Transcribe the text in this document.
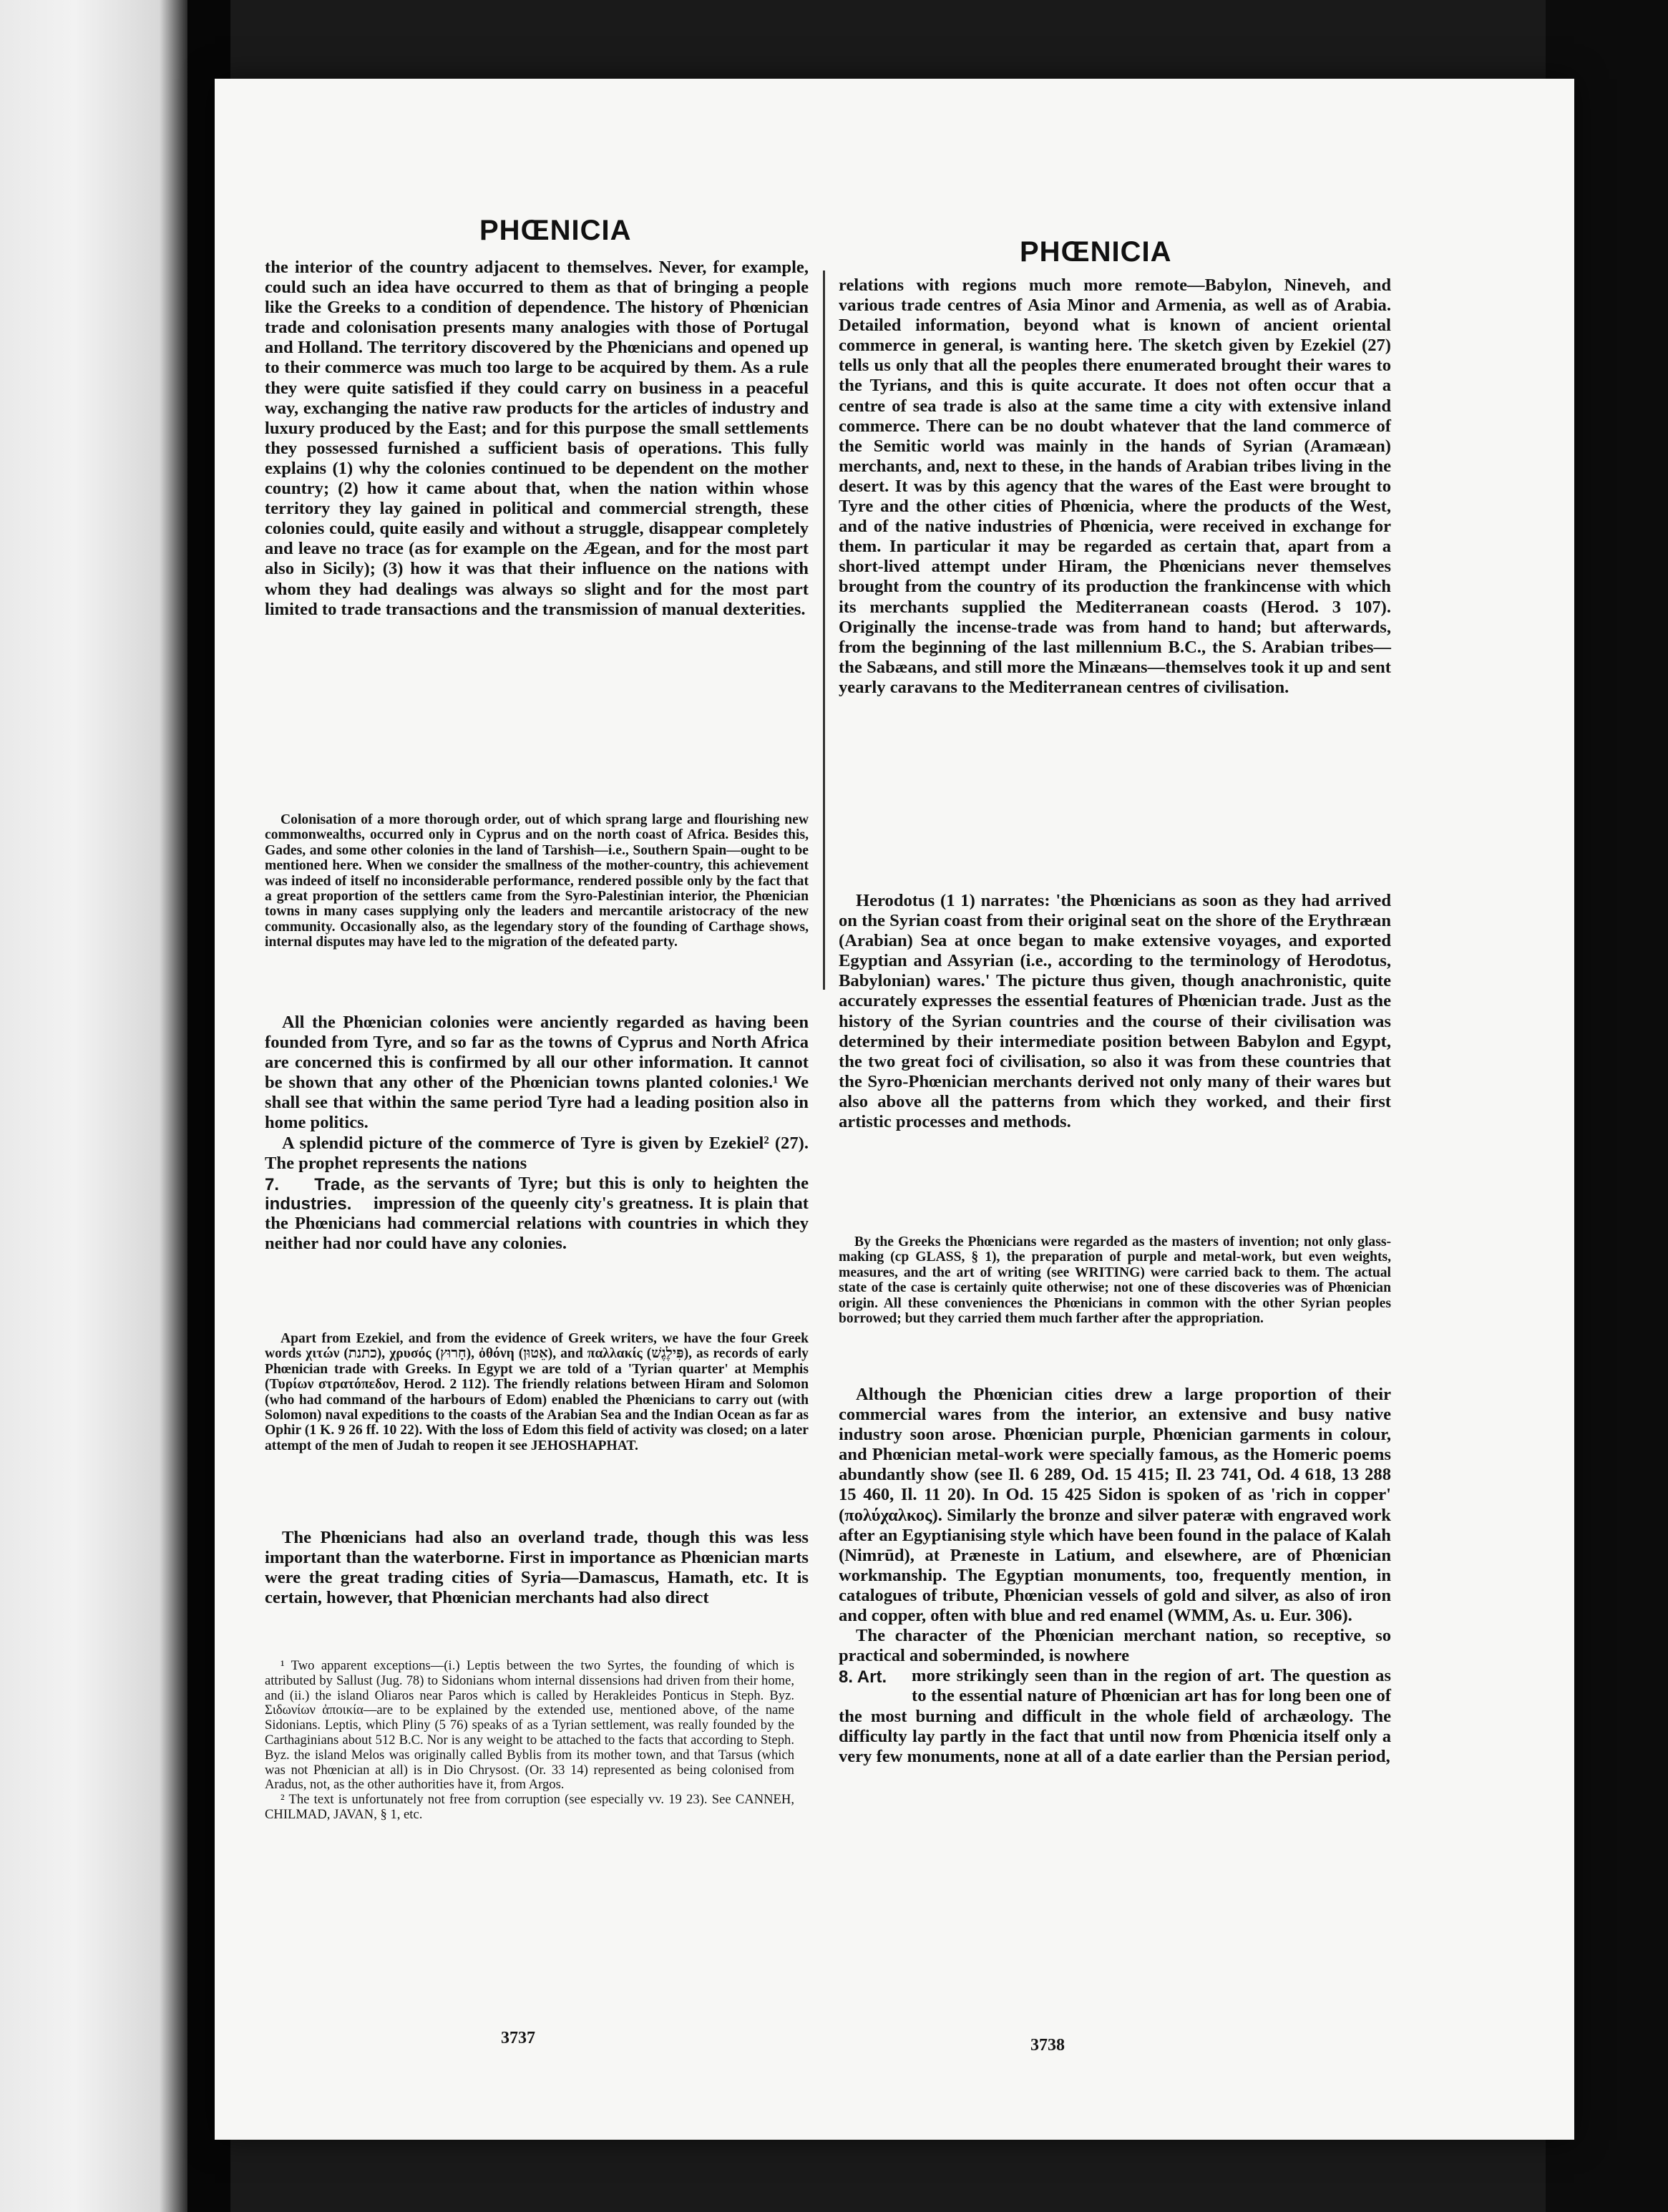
PHŒNICIA
PHŒNICIA

the interior of the country adjacent to themselves. Never, for example, could such an idea have occurred to them as that of bringing a people like the Greeks to a condition of dependence. The history of Phœnician trade and colonisation presents many analogies with those of Portugal and Holland. The territory discovered by the Phœnicians and opened up to their commerce was much too large to be acquired by them. As a rule they were quite satisfied if they could carry on business in a peaceful way, exchanging the native raw products for the articles of industry and luxury produced by the East; and for this purpose the small settlements they possessed furnished a sufficient basis of operations. This fully explains (1) why the colonies continued to be dependent on the mother country; (2) how it came about that, when the nation within whose territory they lay gained in political and commercial strength, these colonies could, quite easily and without a struggle, disappear completely and leave no trace (as for example on the Ægean, and for the most part also in Sicily); (3) how it was that their influence on the nations with whom they had dealings was always so slight and for the most part limited to trade transactions and the transmission of manual dexterities.

Colonisation of a more thorough order, out of which sprang large and flourishing new commonwealths, occurred only in Cyprus and on the north coast of Africa. Besides this, Gades, and some other colonies in the land of Tarshish—i.e., Southern Spain—ought to be mentioned here. When we consider the smallness of the mother-country, this achievement was indeed of itself no inconsiderable performance, rendered possible only by the fact that a great proportion of the settlers came from the Syro-Palestinian interior, the Phœnician towns in many cases supplying only the leaders and mercantile aristocracy of the new community. Occasionally also, as the legendary story of the founding of Carthage shows, internal disputes may have led to the migration of the defeated party.

All the Phœnician colonies were anciently regarded as having been founded from Tyre, and so far as the towns of Cyprus and North Africa are concerned this is confirmed by all our other information. It cannot be shown that any other of the Phœnician towns planted colonies.¹ We shall see that within the same period Tyre had a leading position also in home politics.

A splendid picture of the commerce of Tyre is given by Ezekiel² (27). The prophet represents the nations

7. Trade, industries.

as the servants of Tyre; but this is only to heighten the impression of the queenly city's greatness. It is plain that the Phœnicians had commercial relations with countries in which they neither had nor could have any colonies.

Apart from Ezekiel, and from the evidence of Greek writers, we have the four Greek words χιτών (כתנת), χρυσός (חָרוּץ), ὀθόνη (אֵטוּן), and παλλακίς (פִּילֶגֶשׁ), as records of early Phœnician trade with Greeks. In Egypt we are told of a 'Tyrian quarter' at Memphis (Τυρίων στρατόπεδον, Herod. 2 112). The friendly relations between Hiram and Solomon (who had command of the harbours of Edom) enabled the Phœnicians to carry out (with Solomon) naval expeditions to the coasts of the Arabian Sea and the Indian Ocean as far as Ophir (1 K. 9 26 ff. 10 22). With the loss of Edom this field of activity was closed; on a later attempt of the men of Judah to reopen it see JEHOSHAPHAT.

The Phœnicians had also an overland trade, though this was less important than the waterborne. First in importance as Phœnician marts were the great trading cities of Syria—Damascus, Hamath, etc. It is certain, however, that Phœnician merchants had also direct

¹ Two apparent exceptions—(i.) Leptis between the two Syrtes, the founding of which is attributed by Sallust (Jug. 78) to Sidonians whom internal dissensions had driven from their home, and (ii.) the island Oliaros near Paros which is called by Herakleides Ponticus in Steph. Byz. Σιδωνίων ἀποικία—are to be explained by the extended use, mentioned above, of the name Sidonians. Leptis, which Pliny (5 76) speaks of as a Tyrian settlement, was really founded by the Carthaginians about 512 B.C. Nor is any weight to be attached to the facts that according to Steph. Byz. the island Melos was originally called Byblis from its mother town, and that Tarsus (which was not Phœnician at all) is in Dio Chrysost. (Or. 33 14) represented as being colonised from Aradus, not, as the other authorities have it, from Argos.

² The text is unfortunately not free from corruption (see especially vv. 19 23). See CANNEH, CHILMAD, JAVAN, § 1, etc.

3737

relations with regions much more remote—Babylon, Nineveh, and various trade centres of Asia Minor and Armenia, as well as of Arabia. Detailed information, beyond what is known of ancient oriental commerce in general, is wanting here. The sketch given by Ezekiel (27) tells us only that all the peoples there enumerated brought their wares to the Tyrians, and this is quite accurate. It does not often occur that a centre of sea trade is also at the same time a city with extensive inland commerce. There can be no doubt whatever that the land commerce of the Semitic world was mainly in the hands of Syrian (Aramæan) merchants, and, next to these, in the hands of Arabian tribes living in the desert. It was by this agency that the wares of the East were brought to Tyre and the other cities of Phœnicia, where the products of the West, and of the native industries of Phœnicia, were received in exchange for them. In particular it may be regarded as certain that, apart from a short-lived attempt under Hiram, the Phœnicians never themselves brought from the country of its production the frankincense with which its merchants supplied the Mediterranean coasts (Herod. 3 107). Originally the incense-trade was from hand to hand; but afterwards, from the beginning of the last millennium B.C., the S. Arabian tribes—the Sabæans, and still more the Minæans—themselves took it up and sent yearly caravans to the Mediterranean centres of civilisation.

Herodotus (1 1) narrates: 'the Phœnicians as soon as they had arrived on the Syrian coast from their original seat on the shore of the Erythræan (Arabian) Sea at once began to make extensive voyages, and exported Egyptian and Assyrian (i.e., according to the terminology of Herodotus, Babylonian) wares.' The picture thus given, though anachronistic, quite accurately expresses the essential features of Phœnician trade. Just as the history of the Syrian countries and the course of their civilisation was determined by their intermediate position between Babylon and Egypt, the two great foci of civilisation, so also it was from these countries that the Syro-Phœnician merchants derived not only many of their wares but also above all the patterns from which they worked, and their first artistic processes and methods.

By the Greeks the Phœnicians were regarded as the masters of invention; not only glass-making (cp GLASS, § 1), the preparation of purple and metal-work, but even weights, measures, and the art of writing (see WRITING) were carried back to them. The actual state of the case is certainly quite otherwise; not one of these discoveries was of Phœnician origin. All these conveniences the Phœnicians in common with the other Syrian peoples borrowed; but they carried them much farther after the appropriation.

Although the Phœnician cities drew a large proportion of their commercial wares from the interior, an extensive and busy native industry soon arose. Phœnician purple, Phœnician garments in colour, and Phœnician metal-work were specially famous, as the Homeric poems abundantly show (see Il. 6 289, Od. 15 415; Il. 23 741, Od. 4 618, 13 288 15 460, Il. 11 20). In Od. 15 425 Sidon is spoken of as 'rich in copper' (πολύχαλκος). Similarly the bronze and silver pateræ with engraved work after an Egyptianising style which have been found in the palace of Kalah (Nimrūd), at Præneste in Latium, and elsewhere, are of Phœnician workmanship. The Egyptian monuments, too, frequently mention, in catalogues of tribute, Phœnician vessels of gold and silver, as also of iron and copper, often with blue and red enamel (WMM, As. u. Eur. 306).

The character of the Phœnician merchant nation, so receptive, so practical and soberminded, is nowhere

8. Art.	more strikingly seen than in the region of art. The question as to the essential nature of Phœnician art has for long been one of the most burning and difficult in the whole field of archæology. The difficulty lay partly in the fact that until now from Phœnicia itself only a very few monuments, none at all of a date earlier than the Persian period,

3738
